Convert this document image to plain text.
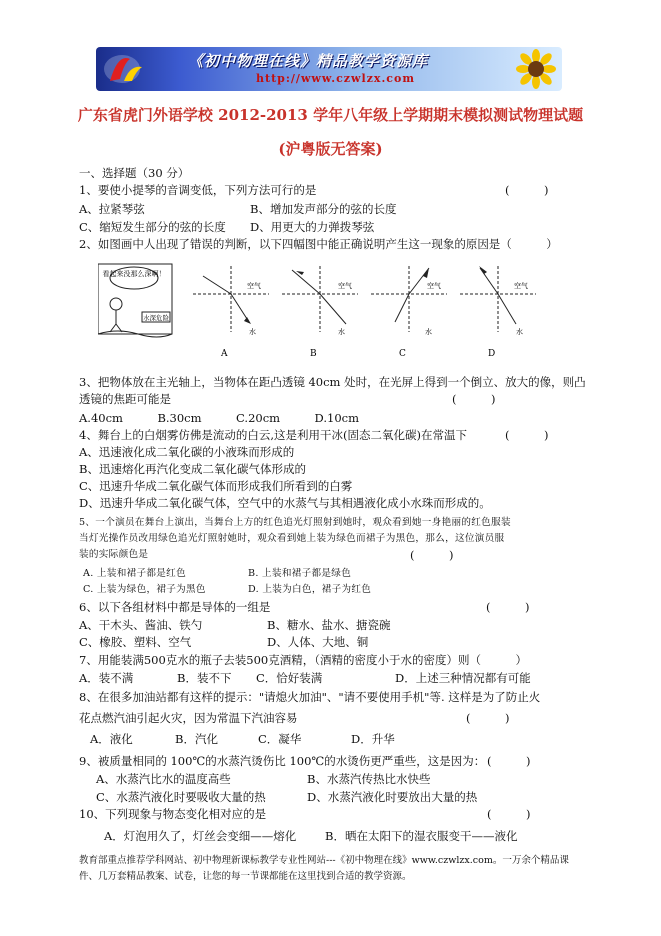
《初中物理在线》精品教学资源库
http://www.czwlzx.com
广东省虎门外语学校 2012-2013 学年八年级上学期期末模拟测试物理试题
(沪粤版无答案)
一、选择题（30 分）
1、要使小提琴的音调变低，下列方法可行的是	(　　　)
A、拉紧琴弦	B、增加发声部分的弦的长度
C、缩短发生部分的弦的长度 D、用更大的力弹拨琴弦
2、如图画中人出现了错误的判断，以下四幅图中能正确说明产生这一现象的原因是（　　　）
看起来没那么深啊！
水深危险
空气
水
A
空气
水
B
空气
水
C
空气
水
D
3、把物体放在主光轴上，当物体在距凸透镜 40cm 处时，在光屏上得到一个倒立、放大的像，则凸
透镜的焦距可能是	(　　　)
A.40cm　　　B.30cm　　　C.20cm　　　D.10cm
4、舞台上的白烟雾仿佛是流动的白云,这是利用干冰(固态二氧化碳)在常温下	(　　　)
A、迅速液化成二氧化碳的小液珠而形成的
B、迅速熔化再汽化变成二氧化碳气体形成的
C、迅速升华成二氧化碳气体而形成我们所看到的白雾
D、迅速升华成二氧化碳气体，空气中的水蒸气与其相遇液化成小水珠而形成的。
5、一个演员在舞台上演出，当舞台上方的红色追光灯照射到她时，观众看到她一身艳丽的红色服装
当灯光操作员改用绿色追光灯照射她时，观众看到她上装为绿色而裙子为黑色，那么，这位演员服
装的实际颜色是	(　　　)
A. 上装和裙子都是红色	B. 上装和裙子都是绿色
C. 上装为绿色，裙子为黑色	D. 上装为白色，裙子为红色
6、以下各组材料中都是导体的一组是	(　　　)
A、干木头、酱油、铁勺	B、糖水、盐水、搪瓷碗
C、橡胶、塑料、空气	D、人体、大地、铜
7、用能装满500克水的瓶子去装500克酒精，（酒精的密度小于水的密度）则（　　　）
A．装不满	B．装不下 C．恰好装满	D．上述三种情况都有可能
8、在很多加油站都有这样的提示："请熄火加油"、"请不要使用手机"等. 这样是为了防止火
花点燃汽油引起火灾，因为常温下汽油容易	(　　　)
A．液化	B．汽化	C．凝华	D．升华
9、被质量相同的 100℃的水蒸汽烫伤比 100℃的水烫伤更严重些，这是因为： (　　　)
A、水蒸汽比水的温度高些	B、水蒸汽传热比水快些
C、水蒸汽液化时要吸收大量的热	D、水蒸汽液化时要放出大量的热
10、下列现象与物态变化相对应的是	(　　　)
A．灯泡用久了，灯丝会变细——熔化 B．晒在太阳下的湿衣服变干——液化
教育部重点推荐学科网站、初中物理新课标教学专业性网站---《初中物理在线》www.czwlzx.com。一万余个精品课
件、几万套精品教案、试卷，让您的每一节课都能在这里找到合适的教学资源。
